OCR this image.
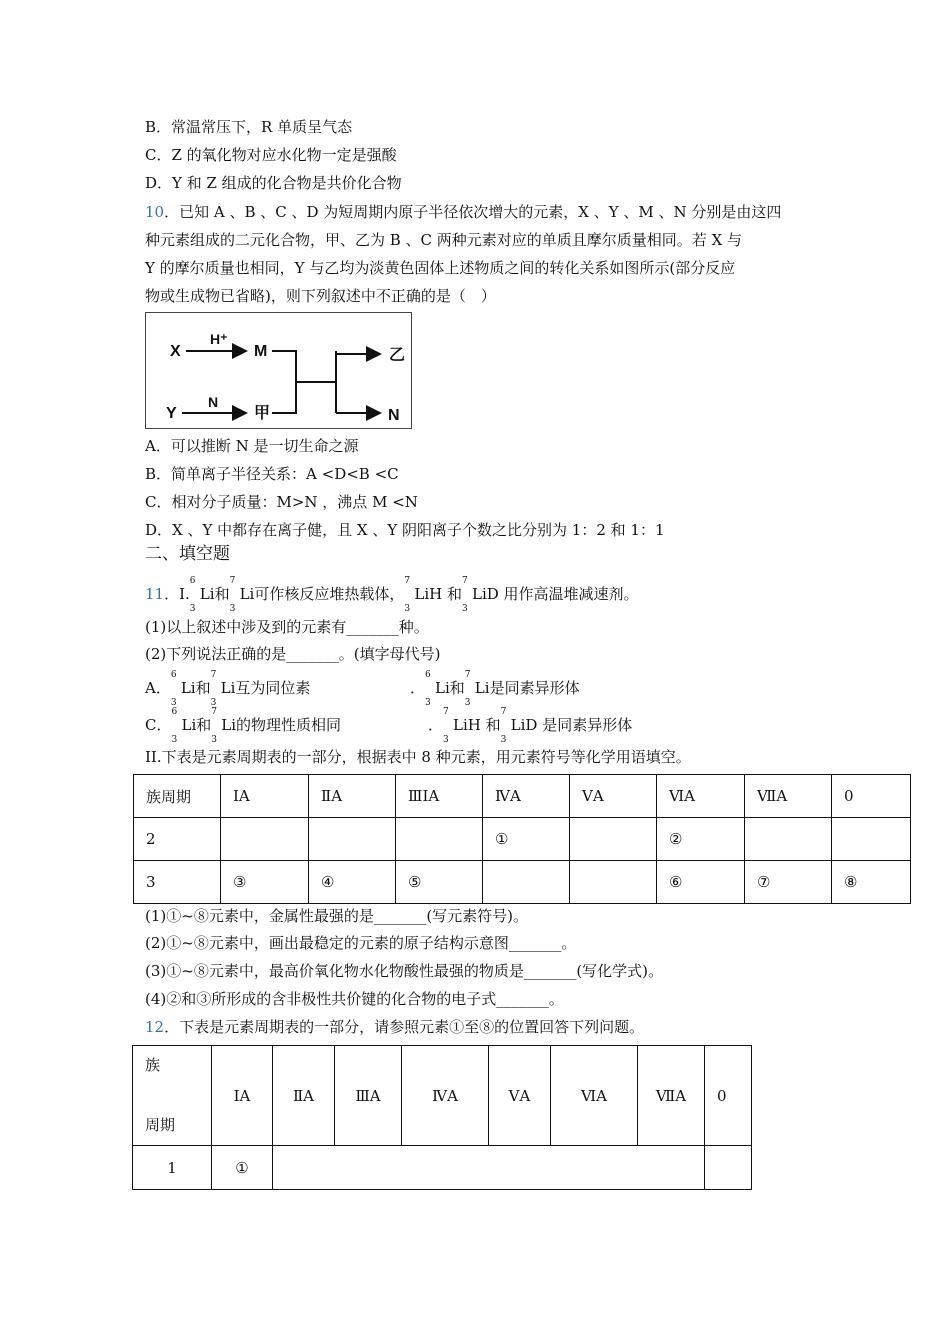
B．常温常压下，R 单质呈气态
C．Z 的氧化物对应水化物一定是强酸
D．Y 和 Z 组成的化合物是共价化合物
10．已知 A 、B 、C 、D 为短周期内原子半径依次增大的元素，X 、Y 、M 、N 分别是由这四
种元素组成的二元化合物，甲、乙为 B 、C 两种元素对应的单质且摩尔质量相同。若 X 与
Y 的摩尔质量也相同，Y 与乙均为淡黄色固体上述物质之间的转化关系如图所示(部分反应
物或生成物已省略)，则下列叙述中不正确的是（　）
X
H⁺
M	乙
Y
N
甲	N
A．可以推断 N 是一切生命之源
B．简单离子半径关系：A <D<B <C
C．相对分子质量：M>N ，沸点 M <N
D．X 、Y 中都存在离子健，且 X 、Y 阴阳离子个数之比分别为 1：2 和 1：1
二、填空题
11．I.
6
3
Li和
7
3
Li可作核反应堆热载体，
7
3
LiH 和
7
3
LiD 用作高温堆减速剂。
(1)以上叙述中涉及到的元素有_______种。
(2)下列说法正确的是_______。(填字母代号)
A．
6
3
Li和
7
3
Li互为同位素	．
6
3
Li和
7
3
Li是同素异形体
C．
6
3
Li和
7
3
Li的物理性质相同	．
7
3
LiH 和
7
3
LiD 是同素异形体
II.下表是元素周期表的一部分，根据表中 8 种元素，用元素符号等化学用语填空。
族周期	ⅠA	ⅡA	ⅢⅠA	ⅣA	ⅤA	ⅥA	ⅦA	0
2				①		②		
3	③	④	⑤			⑥	⑦	⑧
(1)①~⑧元素中，金属性最强的是_______(写元素符号)。
(2)①~⑧元素中，画出最稳定的元素的原子结构示意图_______。
(3)①~⑧元素中，最高价氧化物水化物酸性最强的物质是_______(写化学式)。
(4)②和③所形成的含非极性共价键的化合物的电子式_______。
12．下表是元素周期表的一部分，请参照元素①至⑧的位置回答下列问题。
族
周期	ⅠA	ⅡA	ⅢA	ⅣA	ⅤA	ⅥA	ⅦA	0
1	①							
